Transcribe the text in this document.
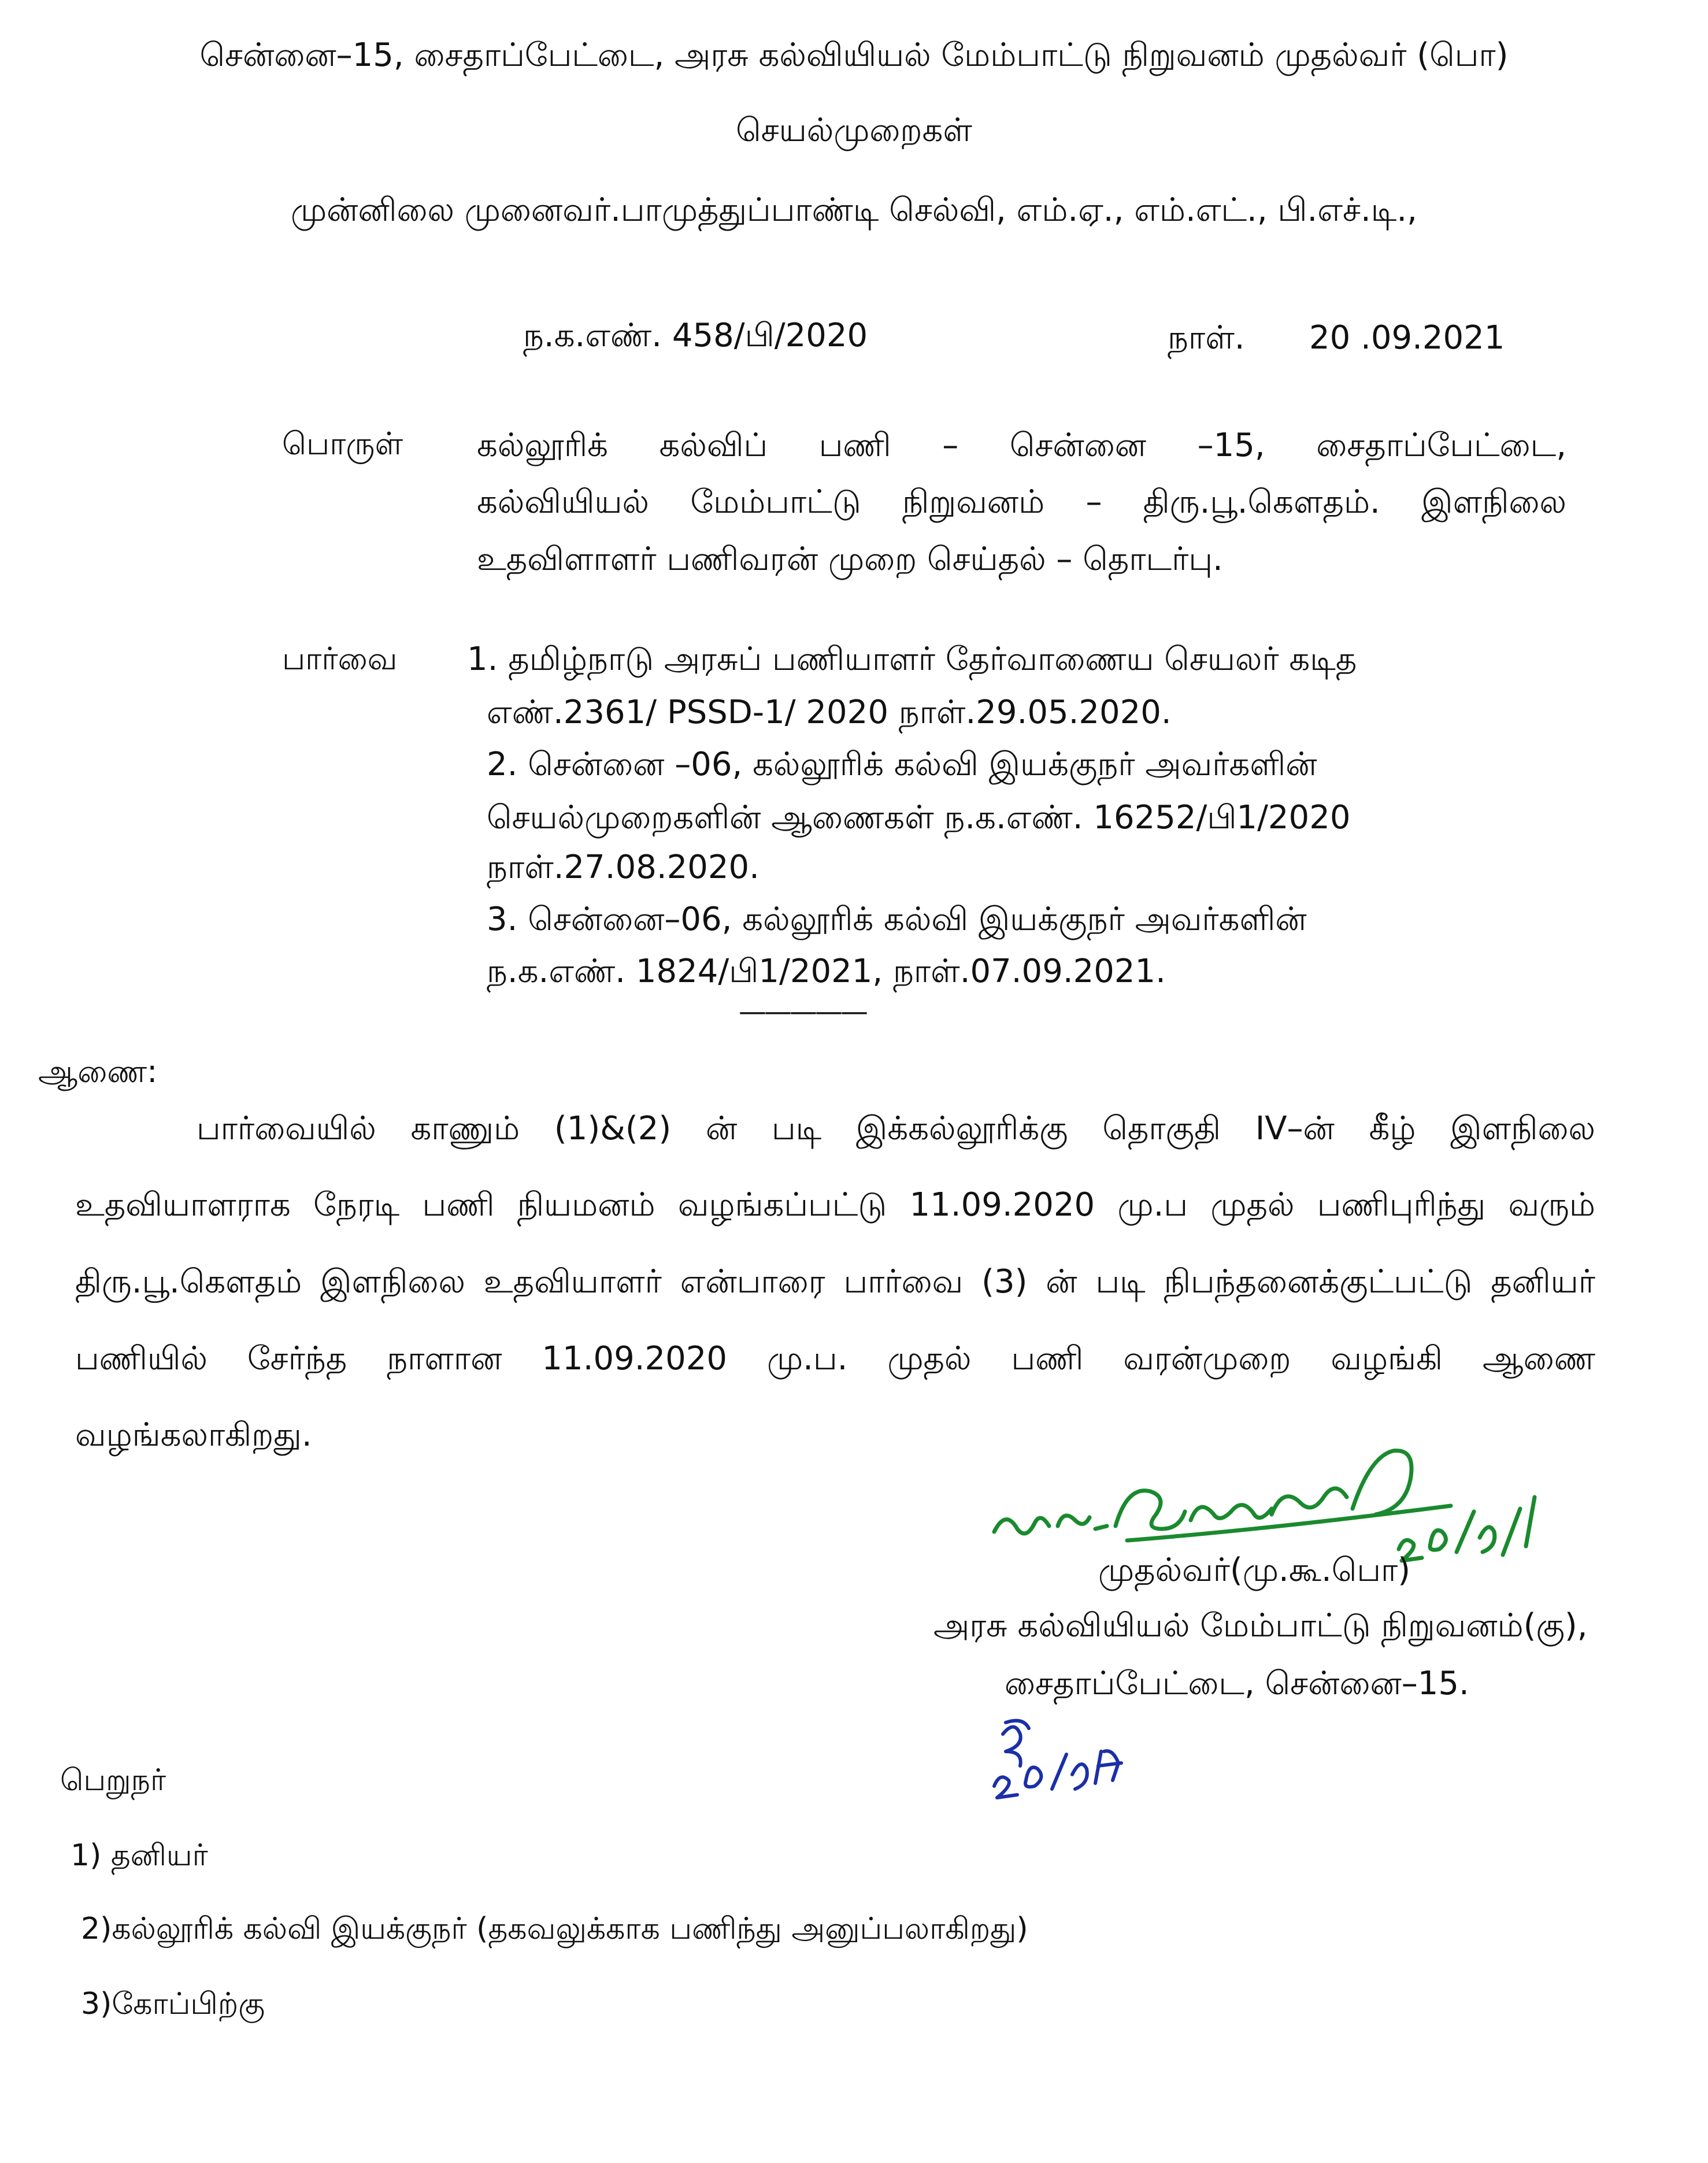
சென்னை–15, சைதாப்பேட்டை, அரசு கல்வியியல் மேம்பாட்டு நிறுவனம் முதல்வர் (பொ)
செயல்முறைகள்
முன்னிலை முனைவர்.பாமுத்துப்பாண்டி செல்வி, எம்.ஏ., எம்.எட்., பி.எச்.டி.,
ந.க.எண். 458/பி/2020	நாள். 20 .09.2021
பொருள் கல்லூரிக் கல்விப் பணி – சென்னை –15, சைதாப்பேட்டை,
கல்வியியல் மேம்பாட்டு நிறுவனம் – திரு.பூ.கௌதம். இளநிலை
உதவிளாளர் பணிவரன் முறை செய்தல் – தொடர்பு.
பார்வை 1. தமிழ்நாடு அரசுப் பணியாளர் தேர்வாணைய செயலர் கடித
எண்.2361/ PSSD-1/ 2020 நாள்.29.05.2020.
2. சென்னை –06, கல்லூரிக் கல்வி இயக்குநர் அவர்களின்
செயல்முறைகளின் ஆணைகள் ந.க.எண். 16252/பி1/2020
நாள்.27.08.2020.
3. சென்னை–06, கல்லூரிக் கல்வி இயக்குநர் அவர்களின்
ந.க.எண். 1824/பி1/2021, நாள்.07.09.2021.
—————
ஆணை:
பார்வையில் காணும் (1)&(2) ன் படி இக்கல்லூரிக்கு தொகுதி IV–ன் கீழ் இளநிலை
உதவியாளராக நேரடி பணி நியமனம் வழங்கப்பட்டு 11.09.2020 மு.ப முதல் பணிபுரிந்து வரும்
திரு.பூ.கௌதம் இளநிலை உதவியாளர் என்பாரை பார்வை (3) ன் படி நிபந்தனைக்குட்பட்டு தனியர்
பணியில் சேர்ந்த நாளான 11.09.2020 மு.ப. முதல் பணி வரன்முறை வழங்கி ஆணை
வழங்கலாகிறது.
முதல்வர்(மு.கூ.பொ)
அரசு கல்வியியல் மேம்பாட்டு நிறுவனம்(கு),
சைதாப்பேட்டை, சென்னை–15.
பெறுநர்
1) தனியர்
2)கல்லூரிக் கல்வி இயக்குநர் (தகவலுக்காக பணிந்து அனுப்பலாகிறது)
3)கோப்பிற்கு
